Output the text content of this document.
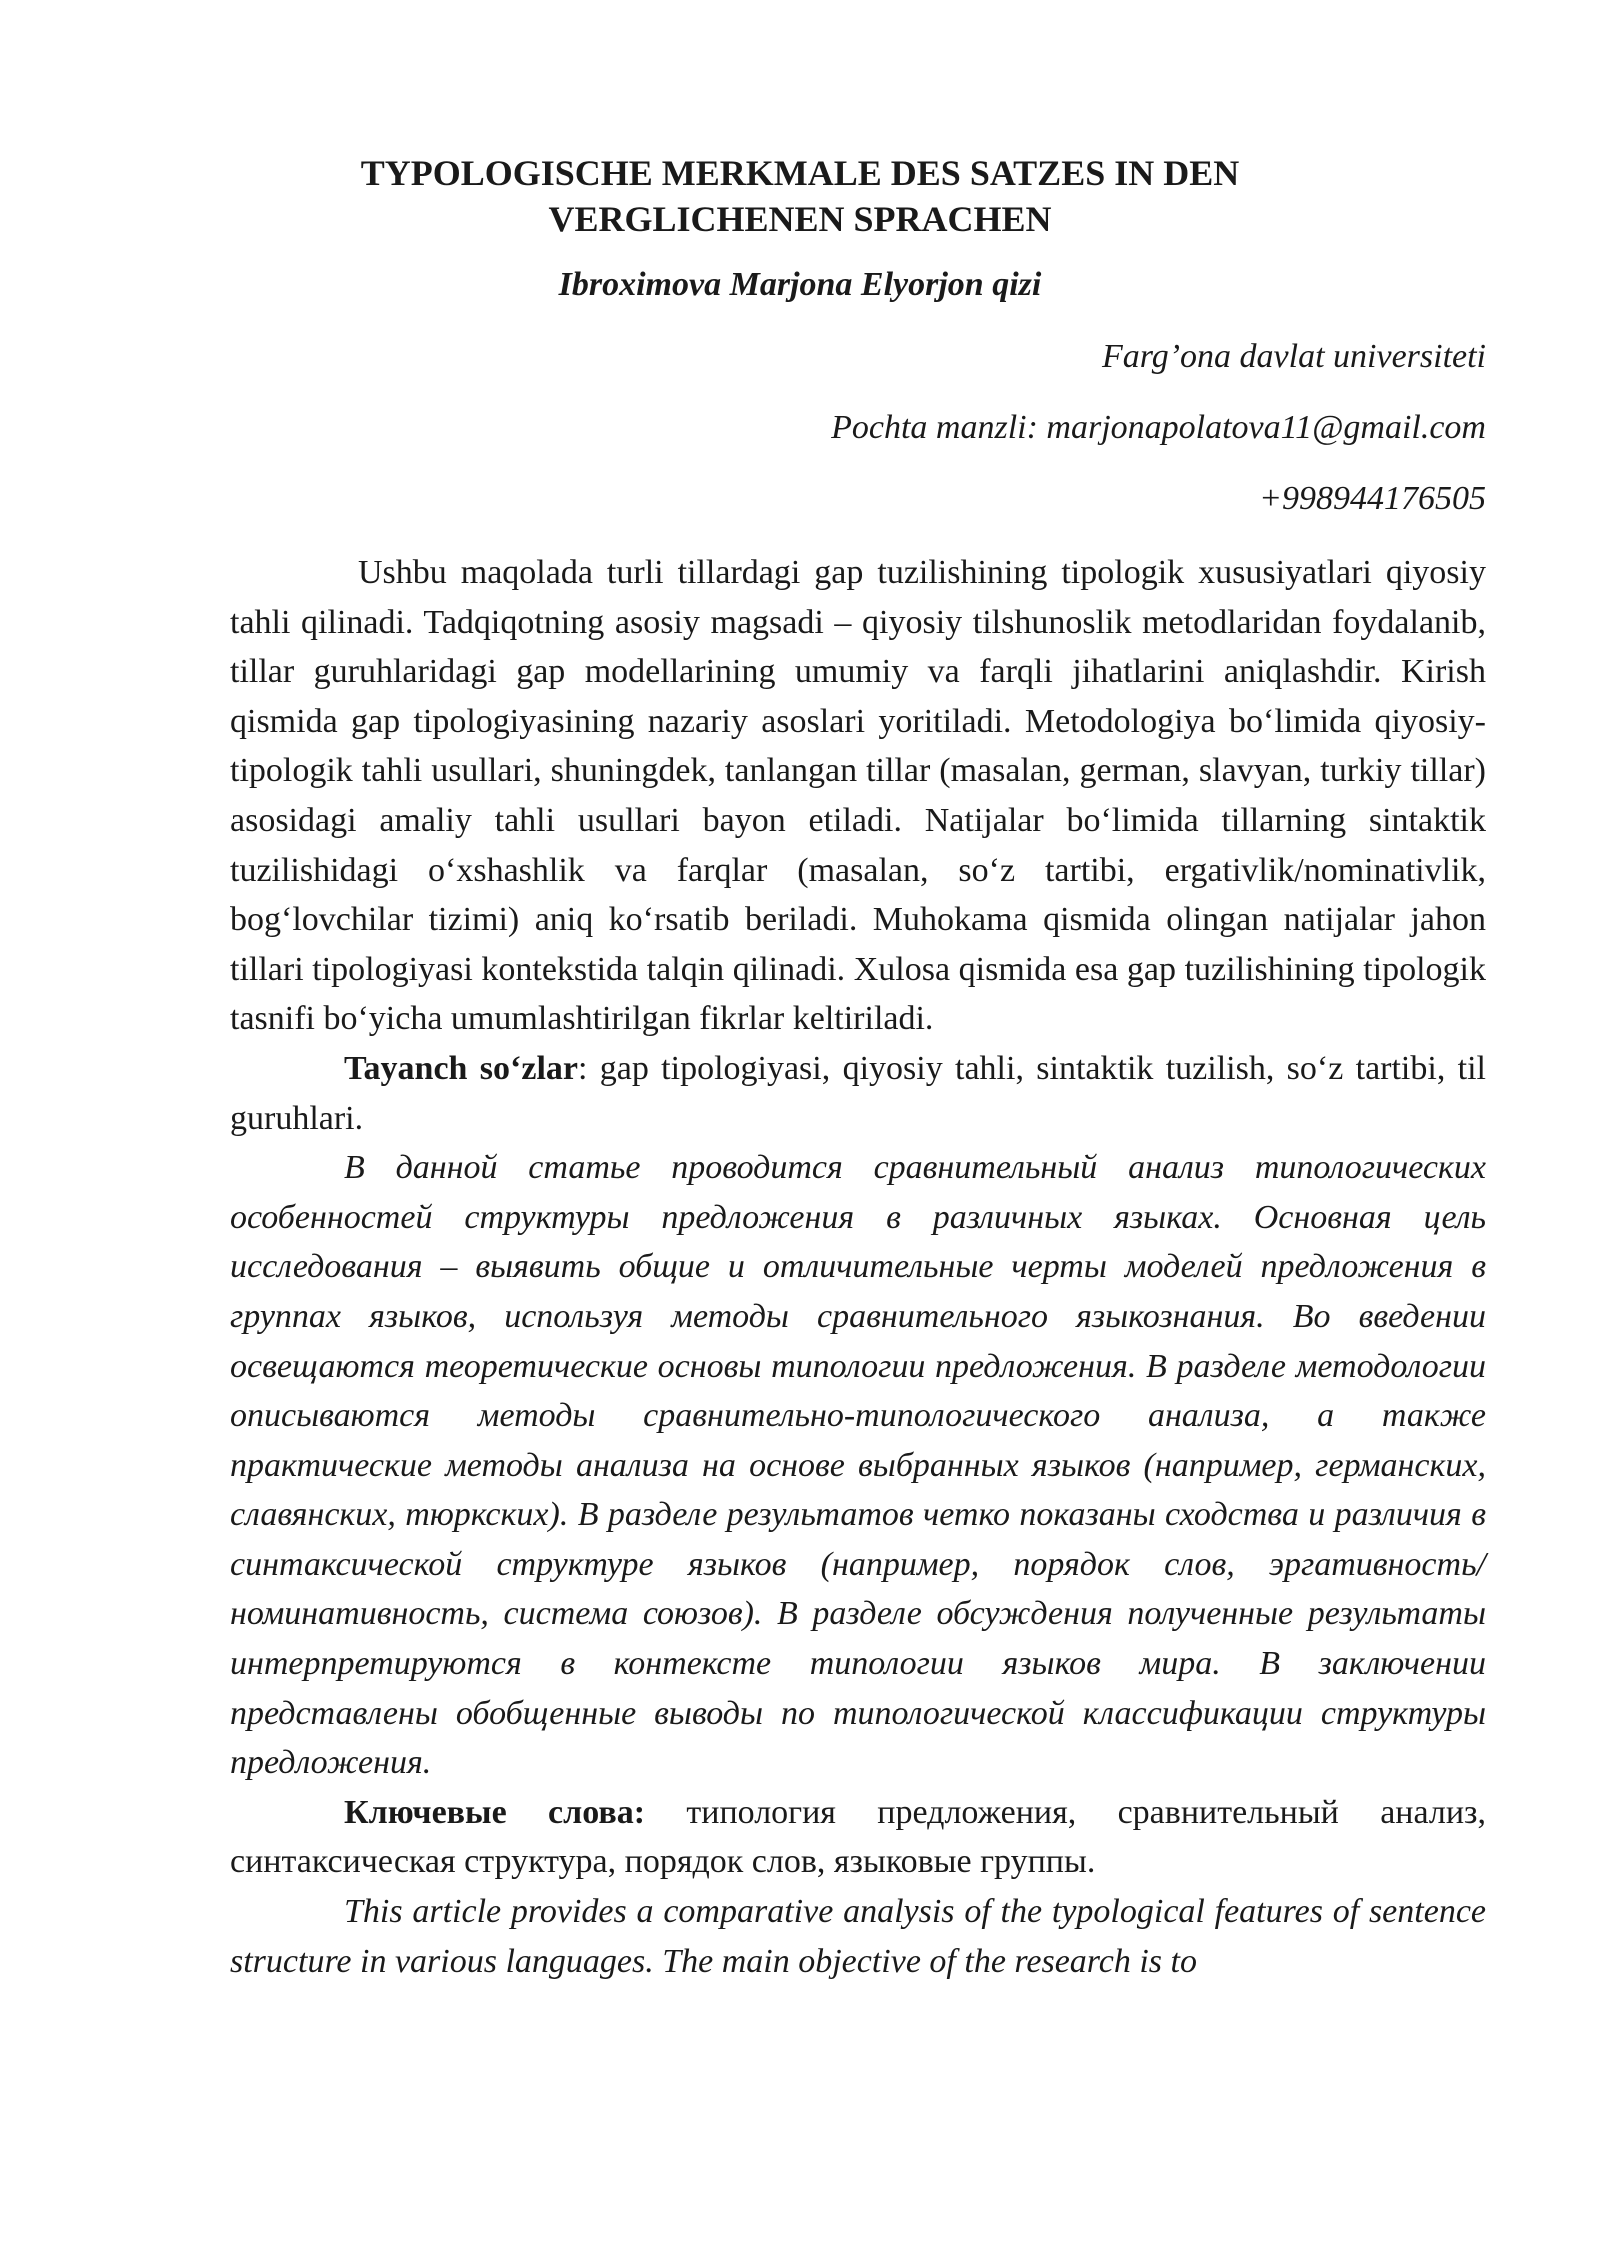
TYPOLOGISCHE MERKMALE DES SATZES IN DEN
VERGLICHENEN SPRACHEN

Ibroximova Marjona Elyorjon qizi

Farg’ona davlat universiteti

Pochta manzli: marjonapolatova11@gmail.com

+998944176505

Ushbu maqolada turli tillardagi gap tuzilishining tipologik xususiyatlari qiyosiy tahli qilinadi. Tadqiqotning asosiy magsadi – qiyosiy tilshunoslik metodlaridan foydalanib, tillar guruhlaridagi gap modellarining umumiy va farqli jihatlarini aniqlashdir. Kirish qismida gap tipologiyasining nazariy asoslari yoritiladi. Metodologiya bo‘limida qiyosiy-tipologik tahli usullari, shuningdek, tanlangan tillar (masalan, german, slavyan, turkiy tillar) asosidagi amaliy tahli usullari bayon etiladi. Natijalar bo‘limida tillarning sintaktik tuzilishidagi o‘xshashlik va farqlar (masalan, so‘z tartibi, ergativlik/nominativlik, bog‘lovchilar tizimi) aniq ko‘rsatib beriladi. Muhokama qismida olingan natijalar jahon tillari tipologiyasi kontekstida talqin qilinadi. Xulosa qismida esa gap tuzilishining tipologik tasnifi bo‘yicha umumlashtirilgan fikrlar keltiriladi.

Tayanch so‘zlar: gap tipologiyasi, qiyosiy tahli, sintaktik tuzilish, so‘z tartibi, til guruhlari.

В данной статье проводится сравнительный анализ типологических особенностей структуры предложения в различных языках. Основная цель исследования – выявить общие и отличительные черты моделей предложения в группах языков, используя методы сравнительного языкознания. Во введении освещаются теоретические основы типологии предложения. В разделе методологии описываются методы сравнительно-типологического анализа, а также практические методы анализа на основе выбранных языков (например, германских, славянских, тюркских). В разделе результатов четко показаны сходства и различия в синтаксической структуре языков (например, порядок слов, эргативность/номинативность, система союзов). В разделе обсуждения полученные результаты интерпретируются в контексте типологии языков мира. В заключении представлены обобщенные выводы по типологической классификации структуры предложения.

Ключевые слова: типология предложения, сравнительный анализ, синтаксическая структура, порядок слов, языковые группы.

This article provides a comparative analysis of the typological features of sentence structure in various languages. The main objective of the research is to
